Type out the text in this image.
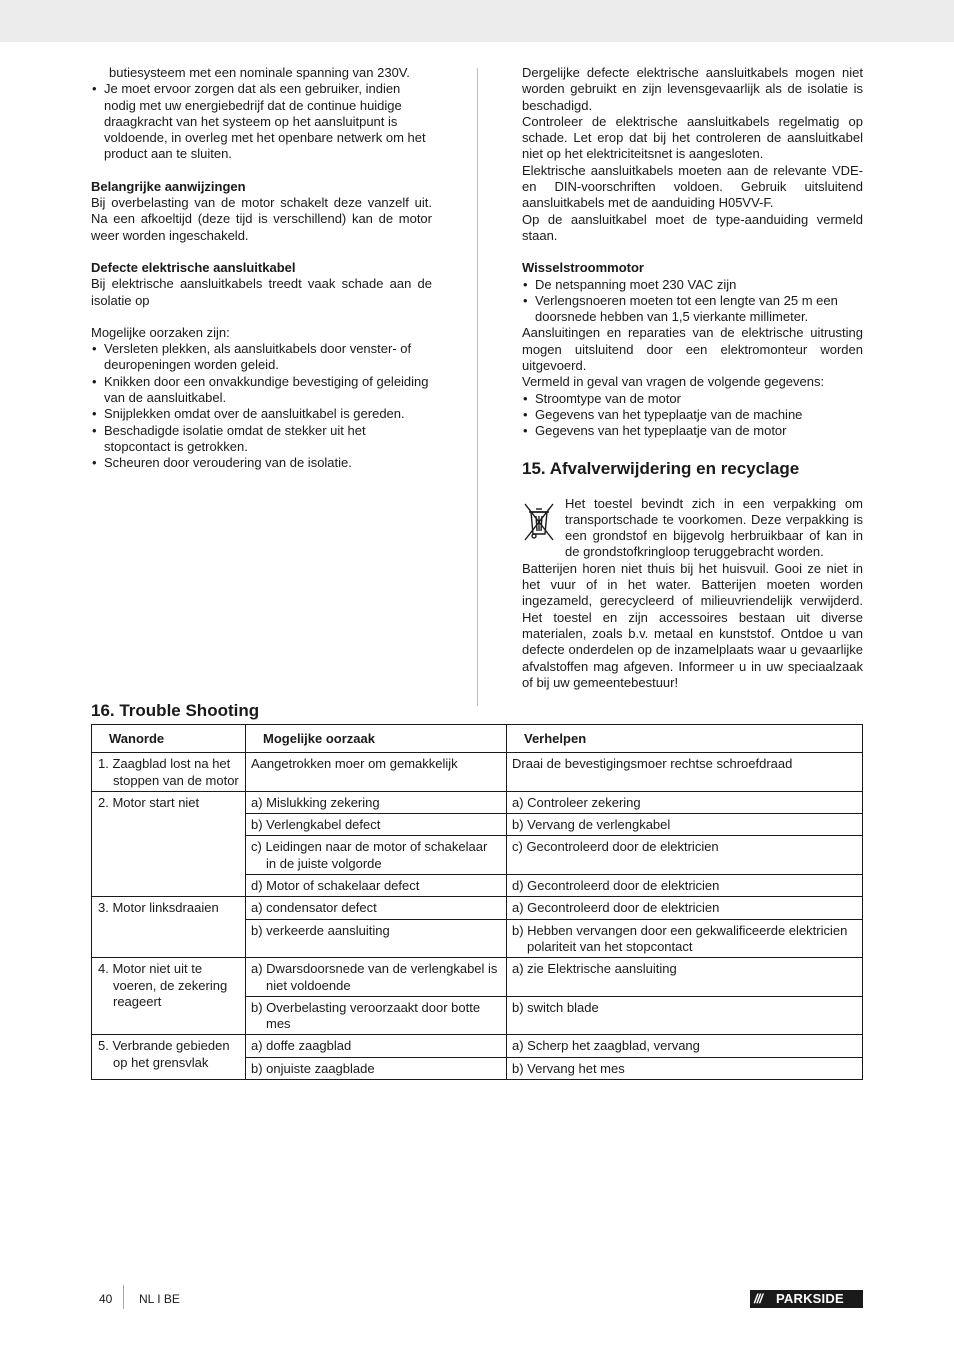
butiesysteem met een nominale spanning van 230V.
• Je moet ervoor zorgen dat als een gebruiker, indien nodig met uw energiebedrijf dat de continue huidige draagkracht van het systeem op het aansluitpunt is voldoende, in overleg met het openbare netwerk om het product aan te sluiten.
Belangrijke aanwijzingen

Bij overbelasting van de motor schakelt deze vanzelf uit. Na een afkoeltijd (deze tijd is verschillend) kan de motor weer worden ingeschakeld.

Defecte elektrische aansluitkabel

Bij elektrische aansluitkabels treedt vaak schade aan de isolatie op

Mogelijke oorzaken zijn:

• Versleten plekken, als aansluitkabels door venster- of deuropeningen worden geleid.
• Knikken door een onvakkundige bevestiging of geleiding van de aansluitkabel.
• Snijplekken omdat over de aansluitkabel is gereden.
• Beschadigde isolatie omdat de stekker uit het stopcontact is getrokken.
• Scheuren door veroudering van de isolatie.

Dergelijke defecte elektrische aansluitkabels mogen niet worden gebruikt en zijn levensgevaarlijk als de isolatie is beschadigd.

Controleer de elektrische aansluitkabels regelmatig op schade. Let erop dat bij het controleren de aansluitkabel niet op het elektriciteitsnet is aangesloten.

Elektrische aansluitkabels moeten aan de relevante VDE- en DIN-voorschriften voldoen. Gebruik uitsluitend aansluitkabels met de aanduiding H05VV-F.

Op de aansluitkabel moet de type-aanduiding vermeld staan.

Wisselstroommotor
• De netspanning moet 230 VAC zijn
• Verlengsnoeren moeten tot een lengte van 25 m een doorsnede hebben van 1,5 vierkante millimeter.

Aansluitingen en reparaties van de elektrische uitrusting mogen uitsluitend door een elektromonteur worden uitgevoerd.

Vermeld in geval van vragen de volgende gegevens:

• Stroomtype van de motor
• Gegevens van het typeplaatje van de machine
• Gegevens van het typeplaatje van de motor
15. Afvalverwijdering en recyclage

Het toestel bevindt zich in een verpakking om transportschade te voorkomen. Deze verpakking is een grondstof en bijgevolg herbruikbaar of kan in de grondstofkringloop teruggebracht worden.

Batterijen horen niet thuis bij het huisvuil. Gooi ze niet in het vuur of in het water. Batterijen moeten worden ingezameld, gerecycleerd of milieuvriendelijk verwijderd. Het toestel en zijn accessoires bestaan uit diverse materialen, zoals b.v. metaal en kunststof. Ontdoe u van defecte onderdelen op de inzamelplaats waar u gevaarlijke afvalstoffen mag afgeven. Informeer u in uw speciaalzaak of bij uw gemeentebestuur!

16. Trouble Shooting
Wanorde	Mogelijke oorzaak	Verhelpen

1. Zaagblad lost na het stoppen van de motor	Aangetrokken moer om gemakkelijk	Draai de bevestigingsmoer rechtse schroefdraad

2. Motor start niet	a) Mislukking zekering	a) Controleer zekering

	b) Verlengkabel defect	b) Vervang de verlengkabel

	c) Leidingen naar de motor of schakelaar in de juiste volgorde	c) Gecontroleerd door de elektricien

	d) Motor of schakelaar defect	d) Gecontroleerd door de elektricien

3. Motor linksdraaien	a) condensator defect	a) Gecontroleerd door de elektricien

	b) verkeerde aansluiting	b) Hebben vervangen door een gekwalificeerde elektricien polariteit van het stopcontact

4. Motor niet uit te voeren, de zekering reageert	a) Dwarsdoorsnede van de verlengkabel is niet voldoende	a) zie Elektrische aansluiting

	b) Overbelasting veroorzaakt door botte mes	b) switch blade

5. Verbrande gebieden op het grensvlak	a) doffe zaagblad	a) Scherp het zaagblad, vervang

	b) onjuiste zaagblade	b) Vervang het mes
40 NL I BE	/// PARKSIDE
